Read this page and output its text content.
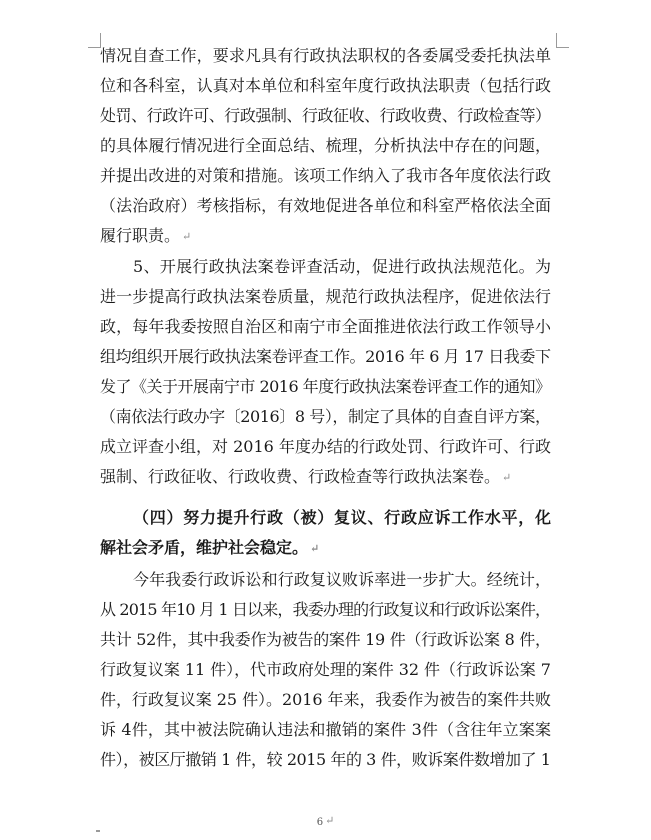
情况自查工作，要求凡具有行政执法职权的各委属受委托执法单
位和各科室，认真对本单位和科室年度行政执法职责（包括行政
处罚、行政许可、行政强制、行政征收、行政收费、行政检查等）
的具体履行情况进行全面总结、梳理，分析执法中存在的问题，
并提出改进的对策和措施。该项工作纳入了我市各年度依法行政
（法治政府）考核指标，有效地促进各单位和科室严格依法全面
履行职责。 ↵
5、开展行政执法案卷评查活动，促进行政执法规范化。为
进一步提高行政执法案卷质量，规范行政执法程序，促进依法行
政，每年我委按照自治区和南宁市全面推进依法行政工作领导小
组均组织开展行政执法案卷评查工作。2016 年 6 月 17 日我委下
发了《关于开展南宁市 2016 年度行政执法案卷评查工作的通知》
（南依法行政办字〔2016〕8 号），制定了具体的自查自评方案，
成立评查小组，对 2016 年度办结的行政处罚、行政许可、行政
强制、行政征收、行政收费、行政检查等行政执法案卷。 ↵
（四）努力提升行政（被）复议、行政应诉工作水平，化
解社会矛盾，维护社会稳定。 ↵
今年我委行政诉讼和行政复议败诉率进一步扩大。经统计，
从 2015 年10 月 1 日以来，我委办理的行政复议和行政诉讼案件，
共计 52件，其中我委作为被告的案件 19 件（行政诉讼案 8 件，
行政复议案 11 件），代市政府处理的案件 32 件（行政诉讼案 7
件，行政复议案 25 件）。2016 年来，我委作为被告的案件共败
诉 4件，其中被法院确认违法和撤销的案件 3件（含往年立案案
件），被区厅撤销 1 件，较 2015 年的 3 件，败诉案件数增加了 1
6 ↵
